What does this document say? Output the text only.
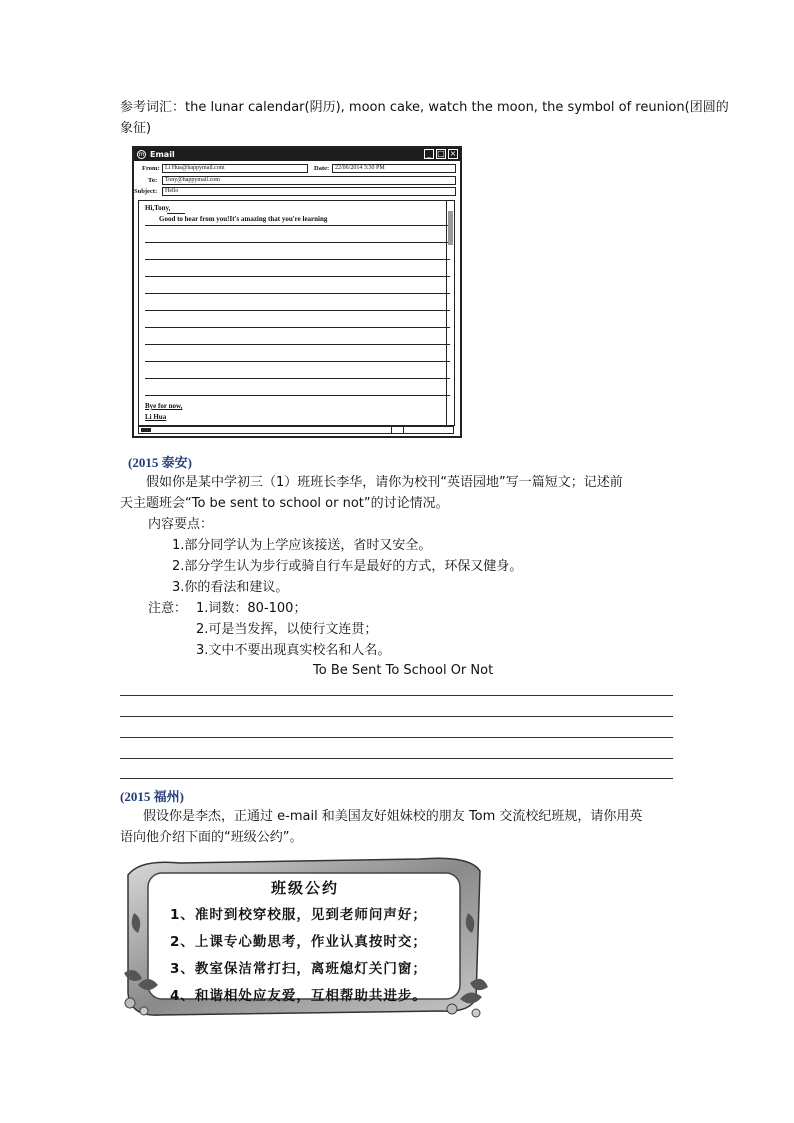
参考词汇：the lunar calendar(阴历), moon cake, watch the moon, the symbol of reunion(团圆的
象征)
m Email	_ □ ×
From: Li Hua@happymail.com	Date: 22/06/2014 3:30 PM
To:	Tony@happymail.com
Subject:	Hello
Hi,Tony,
Good to hear from you!It's amazing that you're learning
Bye for now,
Li Hua
(2015 泰安)
假如你是某中学初三（1）班班长李华，请你为校刊“英语园地”写一篇短文；记述前
天主题班会“To be sent to school or not”的讨论情况。
内容要点：
1.部分同学认为上学应该接送，省时又安全。
2.部分学生认为步行或骑自行车是最好的方式，环保又健身。
3.你的看法和建议。
注意： 1.词数：80-100；
2.可是当发挥，以使行文连贯；
3.文中不要出现真实校名和人名。
To Be Sent To School Or Not
(2015 福州)
假设你是李杰，正通过 e-mail 和美国友好姐妹校的朋友 Tom 交流校纪班规，请你用英
语向他介绍下面的“班级公约”。
班级公约
1、准时到校穿校服，见到老师问声好；
2、上课专心勤思考，作业认真按时交；
3、教室保洁常打扫，离班熄灯关门窗；
4、和谐相处应友爱，互相帮助共进步。
